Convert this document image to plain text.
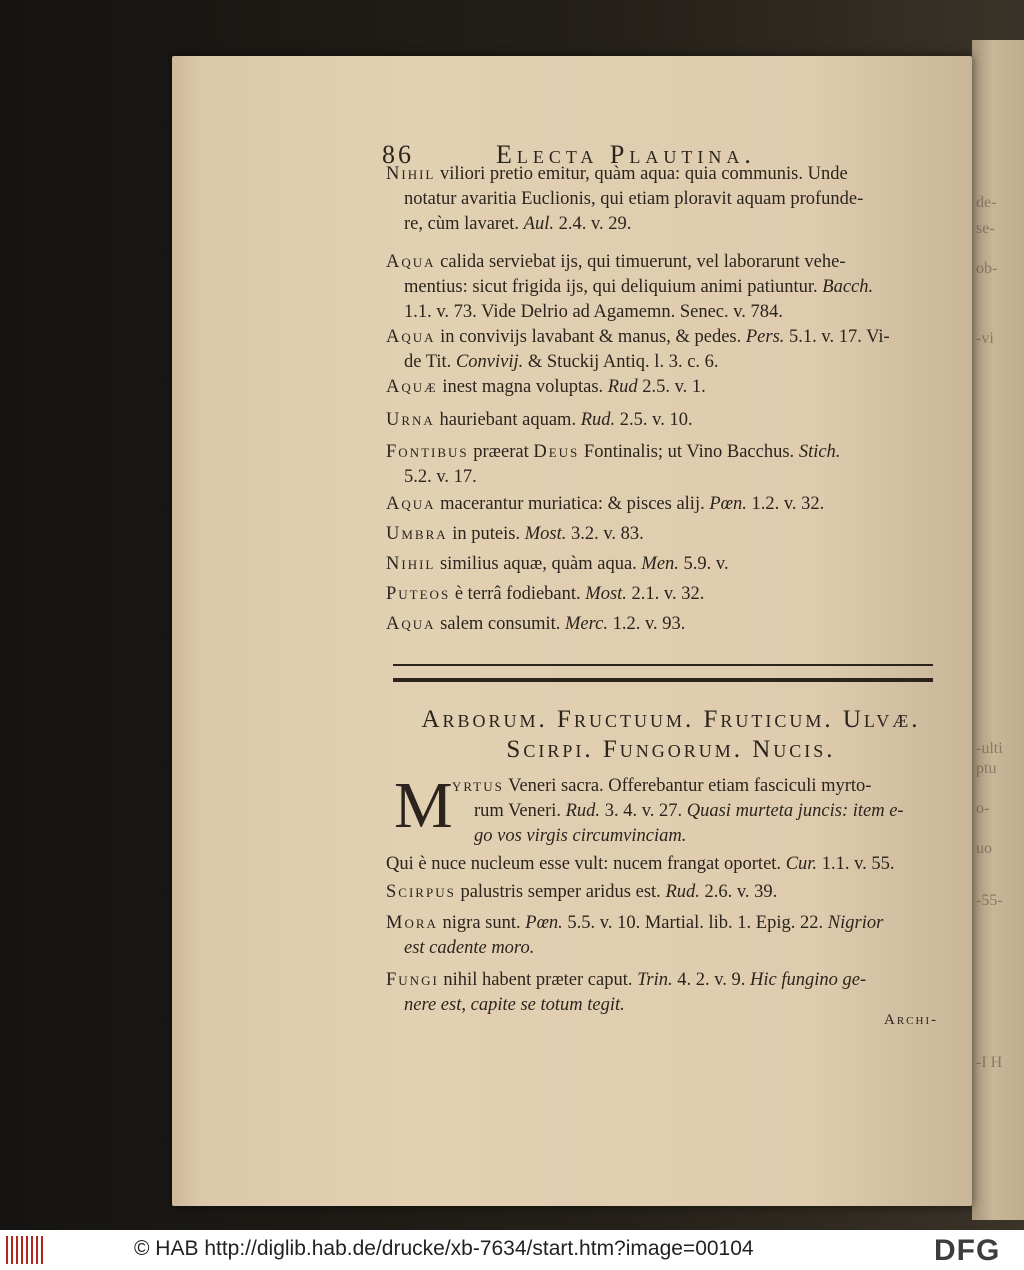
de-
se-
ob-
-vi
-ulti
ptu
o-
uo
-55-
-I H
86	Electa Plautina.
Nihil viliori pretio emitur, quàm aqua: quia communis. Unde
notatur avaritia Euclionis, qui etiam ploravit aquam profunde-
re, cùm lavaret. Aul. 2.4. v. 29.
Aqua calida serviebat ijs, qui timuerunt, vel laborarunt vehe-
mentius: sicut frigida ijs, qui deliquium animi patiuntur. Bacch.
1.1. v. 73. Vide Delrio ad Agamemn. Senec. v. 784.
Aqua in convivijs lavabant & manus, & pedes. Pers. 5.1. v. 17. Vi-
de Tit. Convivij. & Stuckij Antiq. l. 3. c. 6.
Aquæ inest magna voluptas. Rud 2.5. v. 1.
Urna hauriebant aquam. Rud. 2.5. v. 10.
Fontibus præerat Deus Fontinalis; ut Vino Bacchus. Stich.
5.2. v. 17.
Aqua macerantur muriatica: & pisces alij. Pœn. 1.2. v. 32.
Umbra in puteis. Most. 3.2. v. 83.
Nihil similius aquæ, quàm aqua. Men. 5.9. v.
Puteos è terrâ fodiebant. Most. 2.1. v. 32.
Aqua salem consumit. Merc. 1.2. v. 93.
Arborum. Fructuum. Fruticum. Ulvæ.
Scirpi. Fungorum. Nucis.
M yrtus Veneri sacra. Offerebantur etiam fasciculi myrto-
rum Veneri. Rud. 3. 4. v. 27. Quasi murteta juncis: item e-
go vos virgis circumvinciam.
Qui è nuce nucleum esse vult: nucem frangat oportet. Cur. 1.1. v. 55.
Scirpus palustris semper aridus est. Rud. 2.6. v. 39.
Mora nigra sunt. Pœn. 5.5. v. 10. Martial. lib. 1. Epig. 22. Nigrior
est cadente moro.
Fungi nihil habent præter caput. Trin. 4. 2. v. 9. Hic fungino ge-
nere est, capite se totum tegit.
Archi-
© HAB http://diglib.hab.de/drucke/xb-7634/start.htm?image=00104	DFG
